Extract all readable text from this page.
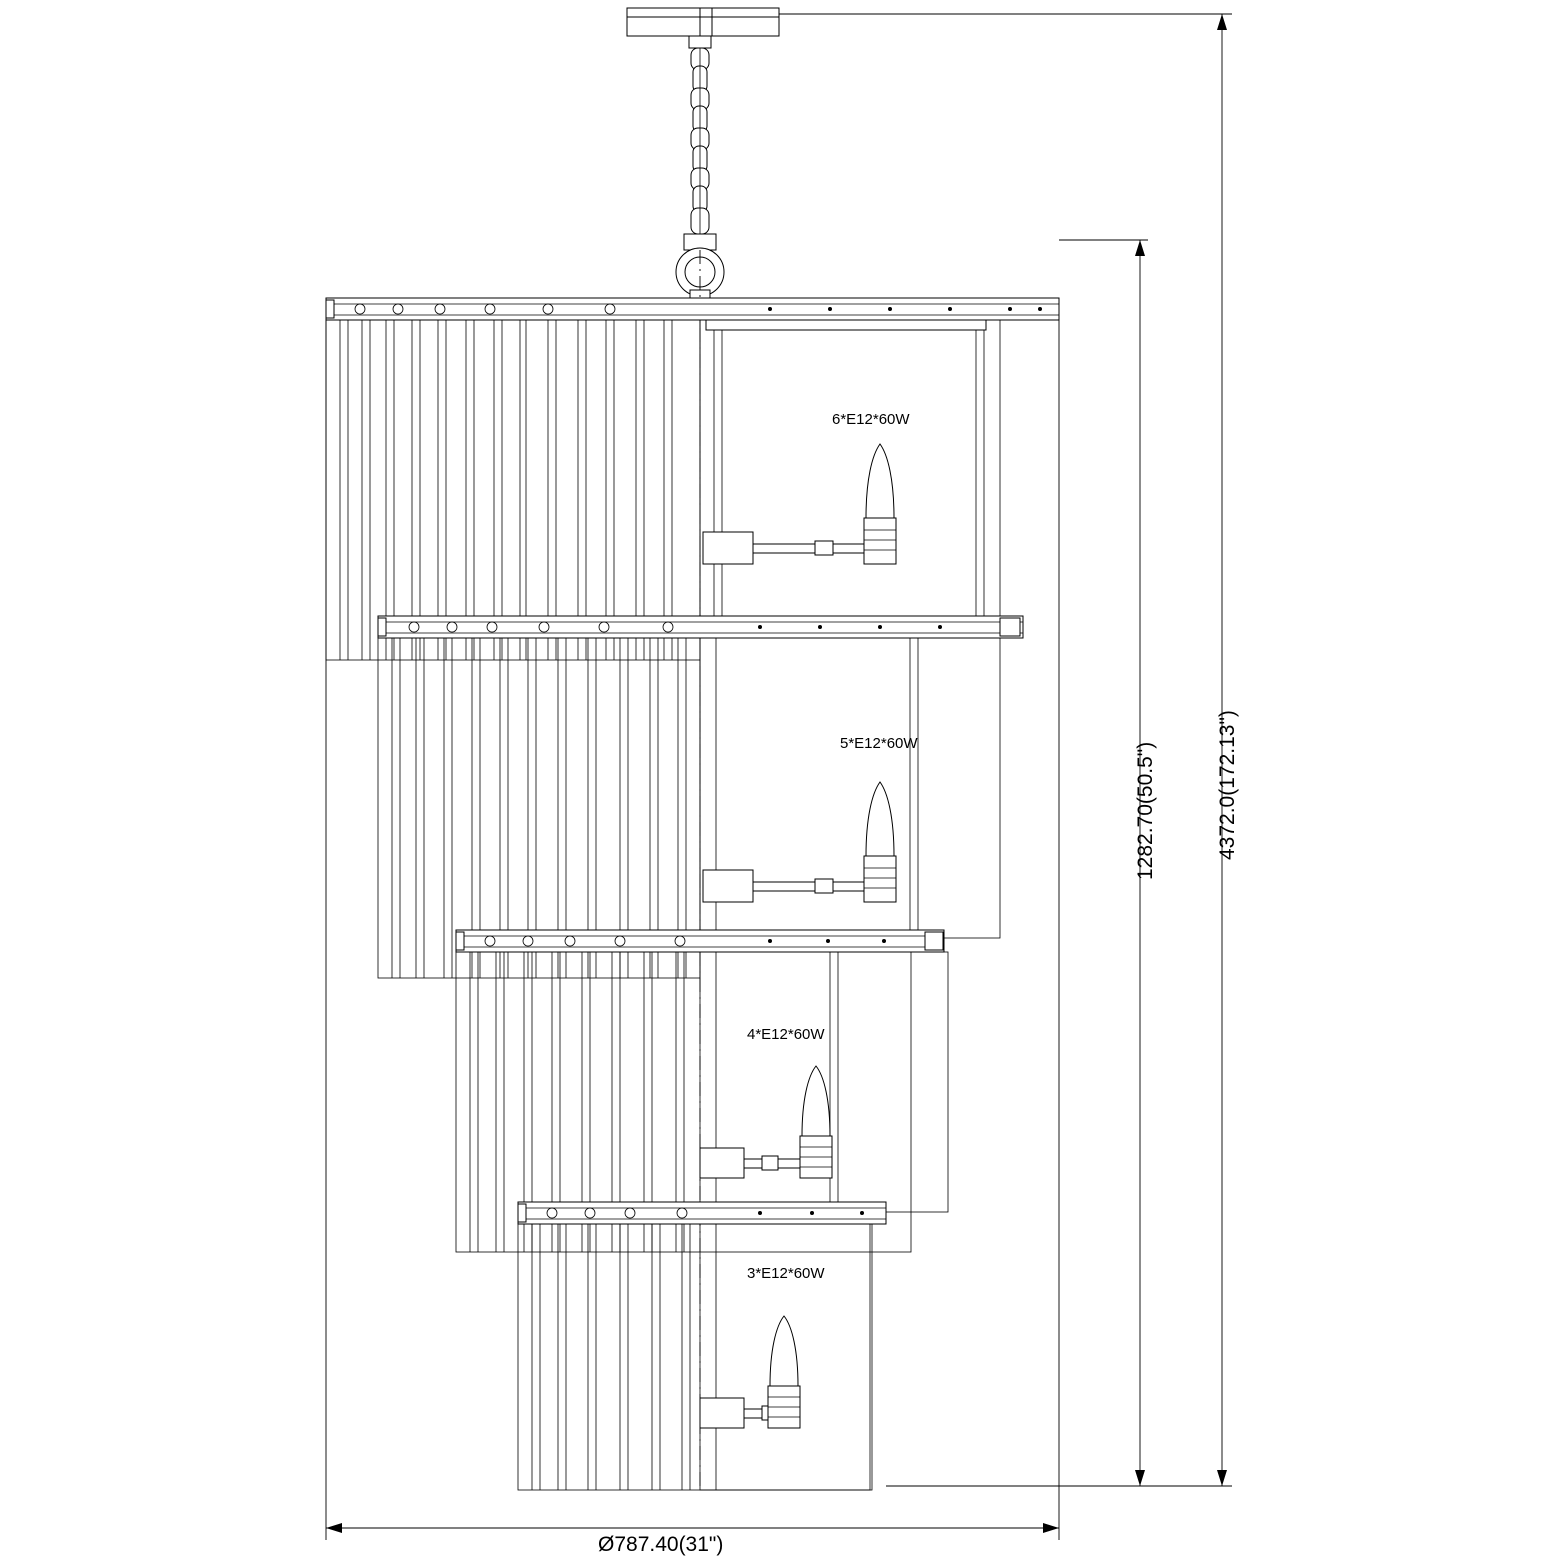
6*E12*60W
5*E12*60W
4*E12*60W
3*E12*60W
4372.0(172.13")
1282.70(50.5")
Ø787.40(31")
